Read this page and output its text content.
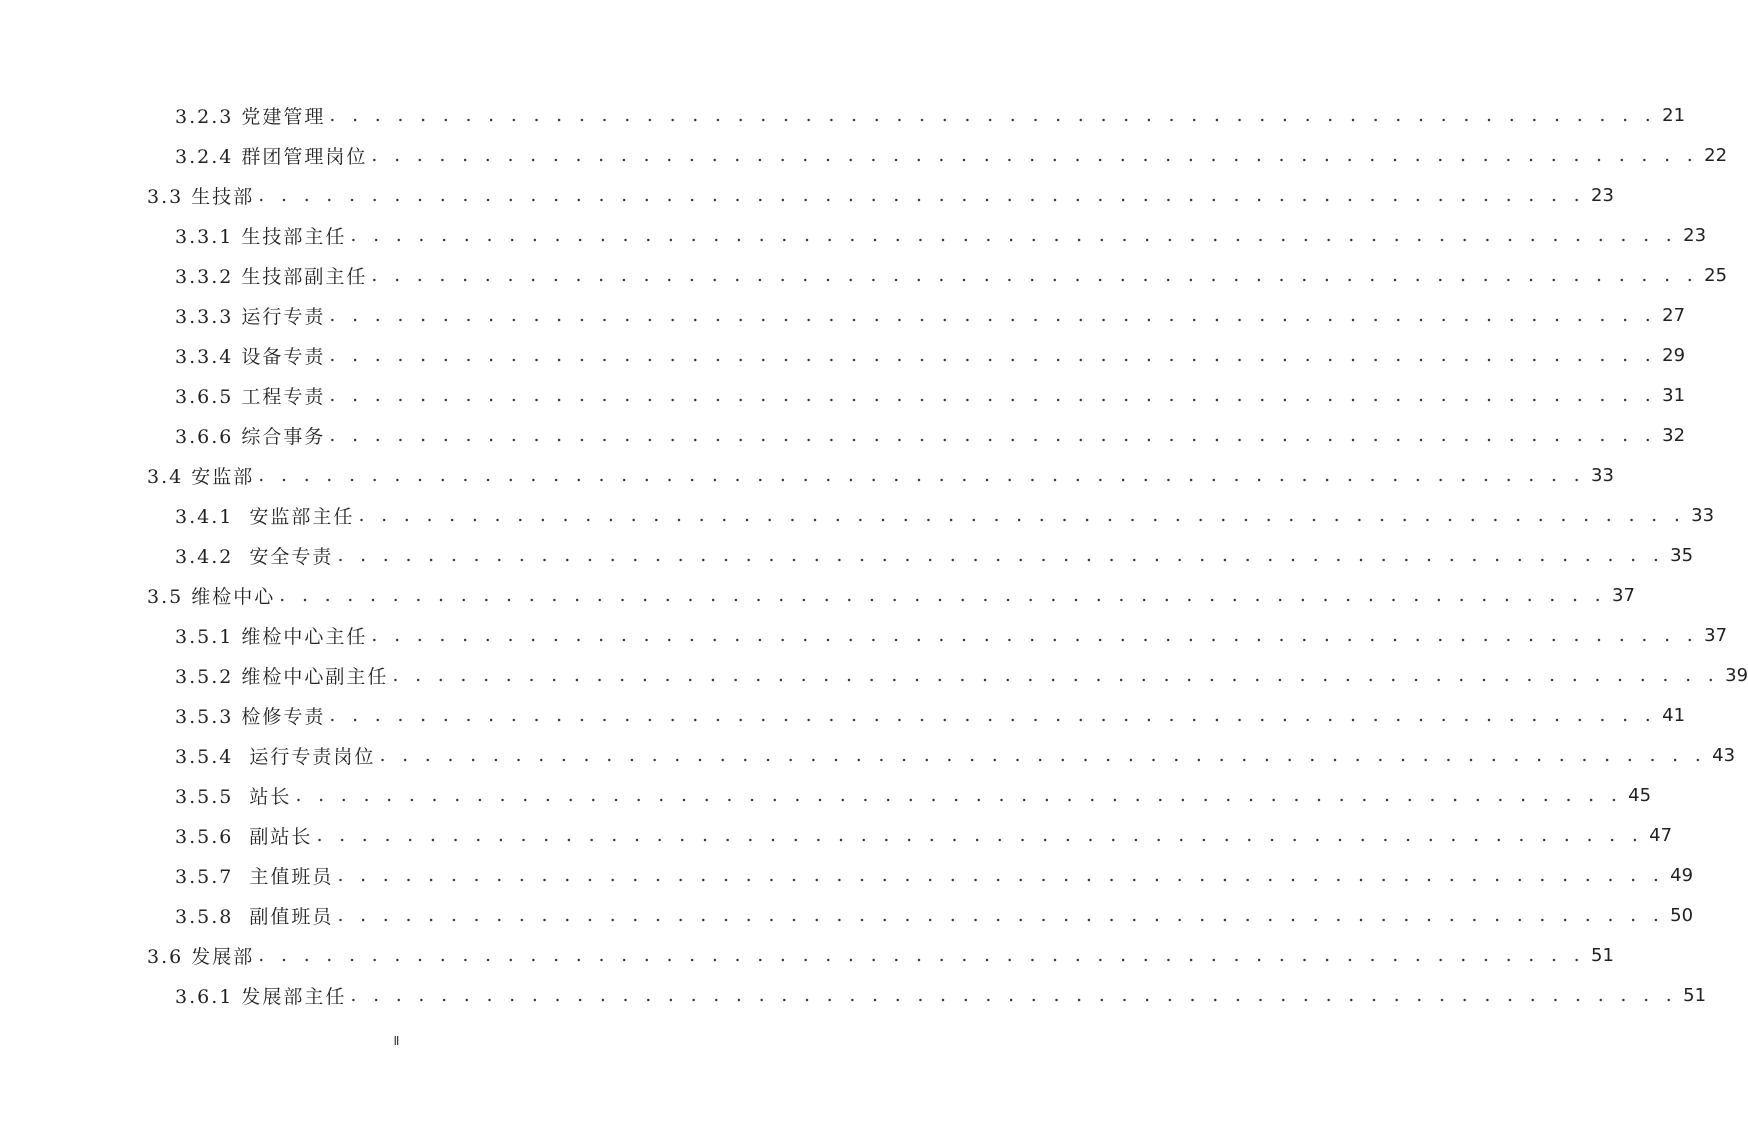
3.2.3 党建管理 . . . . . . . . . . . . . . . . . . . . . . . . . . . . . . . . . . . . . . . . . . . . . . . . . . . . . . . . . . . 21
3.2.4 群团管理岗位 . . . . . . . . . . . . . . . . . . . . . . . . . . . . . . . . . . . . . . . . . . . . . . . . . . . . . . . . . . . 22
3.3 生技部 . . . . . . . . . . . . . . . . . . . . . . . . . . . . . . . . . . . . . . . . . . . . . . . . . . . . . . . . . . . 23
3.3.1 生技部主任 . . . . . . . . . . . . . . . . . . . . . . . . . . . . . . . . . . . . . . . . . . . . . . . . . . . . . . . . . . . 23
3.3.2 生技部副主任 . . . . . . . . . . . . . . . . . . . . . . . . . . . . . . . . . . . . . . . . . . . . . . . . . . . . . . . . . . . 25
3.3.3 运行专责 . . . . . . . . . . . . . . . . . . . . . . . . . . . . . . . . . . . . . . . . . . . . . . . . . . . . . . . . . . . 27
3.3.4 设备专责 . . . . . . . . . . . . . . . . . . . . . . . . . . . . . . . . . . . . . . . . . . . . . . . . . . . . . . . . . . . 29
3.6.5 工程专责 . . . . . . . . . . . . . . . . . . . . . . . . . . . . . . . . . . . . . . . . . . . . . . . . . . . . . . . . . . . 31
3.6.6 综合事务 . . . . . . . . . . . . . . . . . . . . . . . . . . . . . . . . . . . . . . . . . . . . . . . . . . . . . . . . . . . 32
3.4 安监部 . . . . . . . . . . . . . . . . . . . . . . . . . . . . . . . . . . . . . . . . . . . . . . . . . . . . . . . . . . . 33
3.4.1  安监部主任 . . . . . . . . . . . . . . . . . . . . . . . . . . . . . . . . . . . . . . . . . . . . . . . . . . . . . . . . . . . 33
3.4.2  安全专责 . . . . . . . . . . . . . . . . . . . . . . . . . . . . . . . . . . . . . . . . . . . . . . . . . . . . . . . . . . . 35
3.5 维检中心 . . . . . . . . . . . . . . . . . . . . . . . . . . . . . . . . . . . . . . . . . . . . . . . . . . . . . . . . . . . 37
3.5.1 维检中心主任 . . . . . . . . . . . . . . . . . . . . . . . . . . . . . . . . . . . . . . . . . . . . . . . . . . . . . . . . . . . 37
3.5.2 维检中心副主任 . . . . . . . . . . . . . . . . . . . . . . . . . . . . . . . . . . . . . . . . . . . . . . . . . . . . . . . . . . . 39
3.5.3 检修专责 . . . . . . . . . . . . . . . . . . . . . . . . . . . . . . . . . . . . . . . . . . . . . . . . . . . . . . . . . . . 41
3.5.4  运行专责岗位 . . . . . . . . . . . . . . . . . . . . . . . . . . . . . . . . . . . . . . . . . . . . . . . . . . . . . . . . . . . 43
3.5.5  站长 . . . . . . . . . . . . . . . . . . . . . . . . . . . . . . . . . . . . . . . . . . . . . . . . . . . . . . . . . . . 45
3.5.6  副站长 . . . . . . . . . . . . . . . . . . . . . . . . . . . . . . . . . . . . . . . . . . . . . . . . . . . . . . . . . . . 47
3.5.7  主值班员 . . . . . . . . . . . . . . . . . . . . . . . . . . . . . . . . . . . . . . . . . . . . . . . . . . . . . . . . . . . 49
3.5.8  副值班员 . . . . . . . . . . . . . . . . . . . . . . . . . . . . . . . . . . . . . . . . . . . . . . . . . . . . . . . . . . . 50
3.6 发展部 . . . . . . . . . . . . . . . . . . . . . . . . . . . . . . . . . . . . . . . . . . . . . . . . . . . . . . . . . . . 51
3.6.1 发展部主任 . . . . . . . . . . . . . . . . . . . . . . . . . . . . . . . . . . . . . . . . . . . . . . . . . . . . . . . . . . . 51
Ⅱ
